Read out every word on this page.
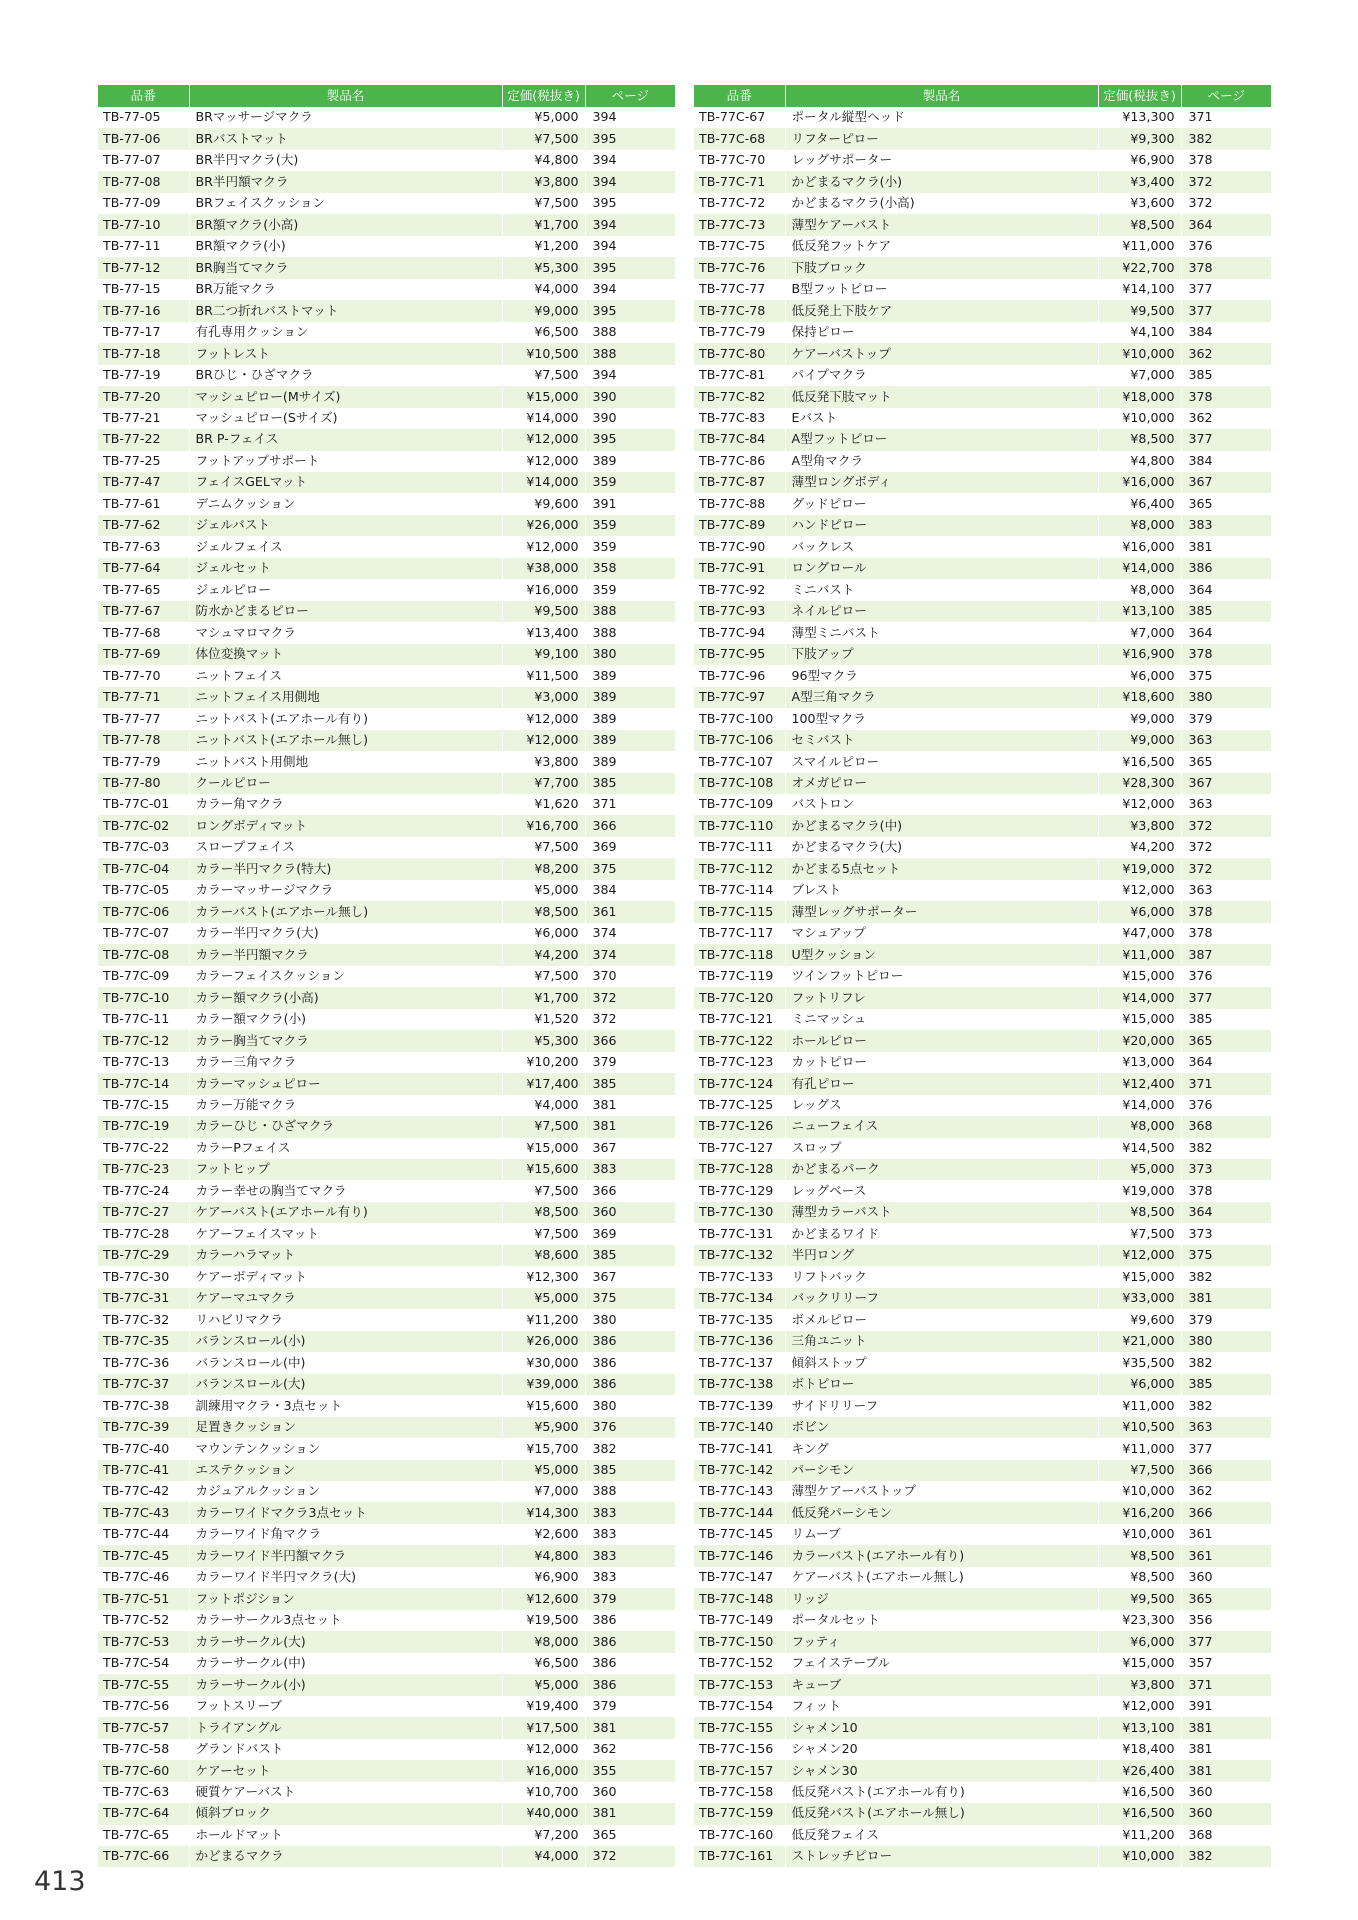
品番	製品名	定価(税抜き)	ページ
TB-77-05	BRマッサージマクラ	¥5,000	394
TB-77-06	BRバストマット	¥7,500	395
TB-77-07	BR半円マクラ(大)	¥4,800	394
TB-77-08	BR半円額マクラ	¥3,800	394
TB-77-09	BRフェイスクッション	¥7,500	395
TB-77-10	BR額マクラ(小高)	¥1,700	394
TB-77-11	BR額マクラ(小)	¥1,200	394
TB-77-12	BR胸当てマクラ	¥5,300	395
TB-77-15	BR万能マクラ	¥4,000	394
TB-77-16	BR二つ折れバストマット	¥9,000	395
TB-77-17	有孔専用クッション	¥6,500	388
TB-77-18	フットレスト	¥10,500	388
TB-77-19	BRひじ・ひざマクラ	¥7,500	394
TB-77-20	マッシュピロー(Mサイズ)	¥15,000	390
TB-77-21	マッシュピロー(Sサイズ)	¥14,000	390
TB-77-22	BR P-フェイス	¥12,000	395
TB-77-25	フットアップサポート	¥12,000	389
TB-77-47	フェイスGELマット	¥14,000	359
TB-77-61	デニムクッション	¥9,600	391
TB-77-62	ジェルバスト	¥26,000	359
TB-77-63	ジェルフェイス	¥12,000	359
TB-77-64	ジェルセット	¥38,000	358
TB-77-65	ジェルピロー	¥16,000	359
TB-77-67	防水かどまるピロー	¥9,500	388
TB-77-68	マシュマロマクラ	¥13,400	388
TB-77-69	体位変換マット	¥9,100	380
TB-77-70	ニットフェイス	¥11,500	389
TB-77-71	ニットフェイス用側地	¥3,000	389
TB-77-77	ニットバスト(エアホール有り)	¥12,000	389
TB-77-78	ニットバスト(エアホール無し)	¥12,000	389
TB-77-79	ニットバスト用側地	¥3,800	389
TB-77-80	クールピロー	¥7,700	385
TB-77C-01	カラー角マクラ	¥1,620	371
TB-77C-02	ロングボディマット	¥16,700	366
TB-77C-03	スロープフェイス	¥7,500	369
TB-77C-04	カラー半円マクラ(特大)	¥8,200	375
TB-77C-05	カラーマッサージマクラ	¥5,000	384
TB-77C-06	カラーバスト(エアホール無し)	¥8,500	361
TB-77C-07	カラー半円マクラ(大)	¥6,000	374
TB-77C-08	カラー半円額マクラ	¥4,200	374
TB-77C-09	カラーフェイスクッション	¥7,500	370
TB-77C-10	カラー額マクラ(小高)	¥1,700	372
TB-77C-11	カラー額マクラ(小)	¥1,520	372
TB-77C-12	カラー胸当てマクラ	¥5,300	366
TB-77C-13	カラー三角マクラ	¥10,200	379
TB-77C-14	カラーマッシュピロー	¥17,400	385
TB-77C-15	カラー万能マクラ	¥4,000	381
TB-77C-19	カラーひじ・ひざマクラ	¥7,500	381
TB-77C-22	カラーPフェイス	¥15,000	367
TB-77C-23	フットヒップ	¥15,600	383
TB-77C-24	カラー幸せの胸当てマクラ	¥7,500	366
TB-77C-27	ケアーバスト(エアホール有り)	¥8,500	360
TB-77C-28	ケアーフェイスマット	¥7,500	369
TB-77C-29	カラーハラマット	¥8,600	385
TB-77C-30	ケアーボディマット	¥12,300	367
TB-77C-31	ケアーマユマクラ	¥5,000	375
TB-77C-32	リハビリマクラ	¥11,200	380
TB-77C-35	バランスロール(小)	¥26,000	386
TB-77C-36	バランスロール(中)	¥30,000	386
TB-77C-37	バランスロール(大)	¥39,000	386
TB-77C-38	訓練用マクラ・3点セット	¥15,600	380
TB-77C-39	足置きクッション	¥5,900	376
TB-77C-40	マウンテンクッション	¥15,700	382
TB-77C-41	エステクッション	¥5,000	385
TB-77C-42	カジュアルクッション	¥7,000	388
TB-77C-43	カラーワイドマクラ3点セット	¥14,300	383
TB-77C-44	カラーワイド角マクラ	¥2,600	383
TB-77C-45	カラーワイド半円額マクラ	¥4,800	383
TB-77C-46	カラーワイド半円マクラ(大)	¥6,900	383
TB-77C-51	フットポジション	¥12,600	379
TB-77C-52	カラーサークル3点セット	¥19,500	386
TB-77C-53	カラーサークル(大)	¥8,000	386
TB-77C-54	カラーサークル(中)	¥6,500	386
TB-77C-55	カラーサークル(小)	¥5,000	386
TB-77C-56	フットスリーブ	¥19,400	379
TB-77C-57	トライアングル	¥17,500	381
TB-77C-58	グランドバスト	¥12,000	362
TB-77C-60	ケアーセット	¥16,000	355
TB-77C-63	硬質ケアーバスト	¥10,700	360
TB-77C-64	傾斜ブロック	¥40,000	381
TB-77C-65	ホールドマット	¥7,200	365
TB-77C-66	かどまるマクラ	¥4,000	372
品番	製品名	定価(税抜き)	ページ
TB-77C-67	ポータル縦型ヘッド	¥13,300	371
TB-77C-68	リフターピロー	¥9,300	382
TB-77C-70	レッグサポーター	¥6,900	378
TB-77C-71	かどまるマクラ(小)	¥3,400	372
TB-77C-72	かどまるマクラ(小高)	¥3,600	372
TB-77C-73	薄型ケアーバスト	¥8,500	364
TB-77C-75	低反発フットケア	¥11,000	376
TB-77C-76	下肢ブロック	¥22,700	378
TB-77C-77	B型フットピロー	¥14,100	377
TB-77C-78	低反発上下肢ケア	¥9,500	377
TB-77C-79	保持ピロー	¥4,100	384
TB-77C-80	ケアーバストップ	¥10,000	362
TB-77C-81	パイプマクラ	¥7,000	385
TB-77C-82	低反発下肢マット	¥18,000	378
TB-77C-83	Eバスト	¥10,000	362
TB-77C-84	A型フットピロー	¥8,500	377
TB-77C-86	A型角マクラ	¥4,800	384
TB-77C-87	薄型ロングボディ	¥16,000	367
TB-77C-88	グッドピロー	¥6,400	365
TB-77C-89	ハンドピロー	¥8,000	383
TB-77C-90	バックレス	¥16,000	381
TB-77C-91	ロングロール	¥14,000	386
TB-77C-92	ミニバスト	¥8,000	364
TB-77C-93	ネイルピロー	¥13,100	385
TB-77C-94	薄型ミニバスト	¥7,000	364
TB-77C-95	下肢アップ	¥16,900	378
TB-77C-96	96型マクラ	¥6,000	375
TB-77C-97	A型三角マクラ	¥18,600	380
TB-77C-100	100型マクラ	¥9,000	379
TB-77C-106	セミバスト	¥9,000	363
TB-77C-107	スマイルピロー	¥16,500	365
TB-77C-108	オメガピロー	¥28,300	367
TB-77C-109	バストロン	¥12,000	363
TB-77C-110	かどまるマクラ(中)	¥3,800	372
TB-77C-111	かどまるマクラ(大)	¥4,200	372
TB-77C-112	かどまる5点セット	¥19,000	372
TB-77C-114	ブレスト	¥12,000	363
TB-77C-115	薄型レッグサポーター	¥6,000	378
TB-77C-117	マシュアップ	¥47,000	378
TB-77C-118	U型クッション	¥11,000	387
TB-77C-119	ツインフットピロー	¥15,000	376
TB-77C-120	フットリフレ	¥14,000	377
TB-77C-121	ミニマッシュ	¥15,000	385
TB-77C-122	ホールピロー	¥20,000	365
TB-77C-123	カットピロー	¥13,000	364
TB-77C-124	有孔ピロー	¥12,400	371
TB-77C-125	レッグス	¥14,000	376
TB-77C-126	ニューフェイス	¥8,000	368
TB-77C-127	スロップ	¥14,500	382
TB-77C-128	かどまるパーク	¥5,000	373
TB-77C-129	レッグベース	¥19,000	378
TB-77C-130	薄型カラーバスト	¥8,500	364
TB-77C-131	かどまるワイド	¥7,500	373
TB-77C-132	半円ロング	¥12,000	375
TB-77C-133	リフトバック	¥15,000	382
TB-77C-134	バックリリーフ	¥33,000	381
TB-77C-135	ボメルピロー	¥9,600	379
TB-77C-136	三角ユニット	¥21,000	380
TB-77C-137	傾斜ストップ	¥35,500	382
TB-77C-138	ボトピロー	¥6,000	385
TB-77C-139	サイドリリーフ	¥11,000	382
TB-77C-140	ボビン	¥10,500	363
TB-77C-141	キング	¥11,000	377
TB-77C-142	パーシモン	¥7,500	366
TB-77C-143	薄型ケアーバストップ	¥10,000	362
TB-77C-144	低反発パーシモン	¥16,200	366
TB-77C-145	リムーブ	¥10,000	361
TB-77C-146	カラーバスト(エアホール有り)	¥8,500	361
TB-77C-147	ケアーバスト(エアホール無し)	¥8,500	360
TB-77C-148	リッジ	¥9,500	365
TB-77C-149	ポータルセット	¥23,300	356
TB-77C-150	フッティ	¥6,000	377
TB-77C-152	フェイステーブル	¥15,000	357
TB-77C-153	キューブ	¥3,800	371
TB-77C-154	フィット	¥12,000	391
TB-77C-155	シャメン10	¥13,100	381
TB-77C-156	シャメン20	¥18,400	381
TB-77C-157	シャメン30	¥26,400	381
TB-77C-158	低反発バスト(エアホール有り)	¥16,500	360
TB-77C-159	低反発バスト(エアホール無し)	¥16,500	360
TB-77C-160	低反発フェイス	¥11,200	368
TB-77C-161	ストレッチピロー	¥10,000	382
413
